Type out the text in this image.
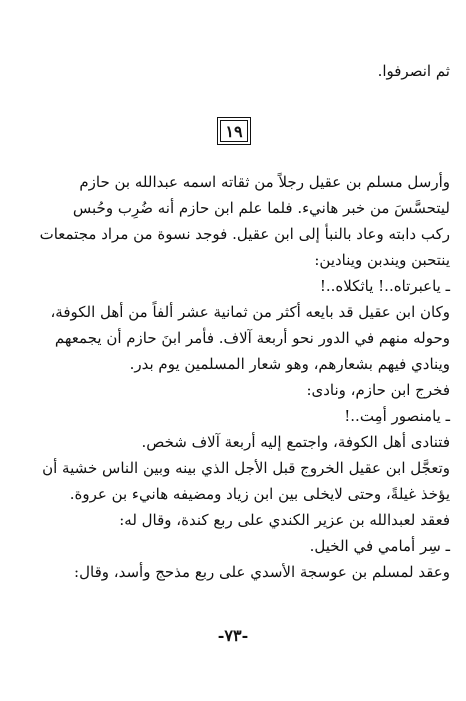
ثم انصرفوا.
١٩
وأرسل مسلم بن عقيل رجلاً من ثقاته اسمه عبدالله بن حازم
ليتحسَّسَ من خبر هانيء. فلما علم ابن حازم أنه ضُرِب وحُبس
ركب دابته وعاد بالنبأ إلى ابن عقيل. فوجد نسوة من مراد مجتمعات
ينتحبن ويندبن وينادين:
ـ ياعبرتاه..! ياثكلاه..!
وكان ابن عقيل قد بايعه أكثر من ثمانية عشر ألفاً من أهل الكوفة،
وحوله منهم في الدور نحو أربعة آلاف. فأمر ابنَ حازم أن يجمعهم
وينادي فيهم بشعارهم، وهو شعار المسلمين يوم بدر.
فخرج ابن حازم، ونادى:
ـ يامنصور أمِت..!
فتنادى أهل الكوفة، واجتمع إليه أربعة آلاف شخص.
وتعجَّل ابن عقيل الخروج قبل الأجل الذي بينه وبين الناس خشية أن
يؤخذ غيلةً، وحتى لايخلى بين ابن زياد ومضيفه هانيء بن عروة.
فعقد لعبدالله بن عزير الكندي على ربع كندة، وقال له:
ـ سِر أمامي في الخيل.
وعقد لمسلم بن عوسجة الأسدي على ربع مذحج وأسد، وقال:
-٧٣-
